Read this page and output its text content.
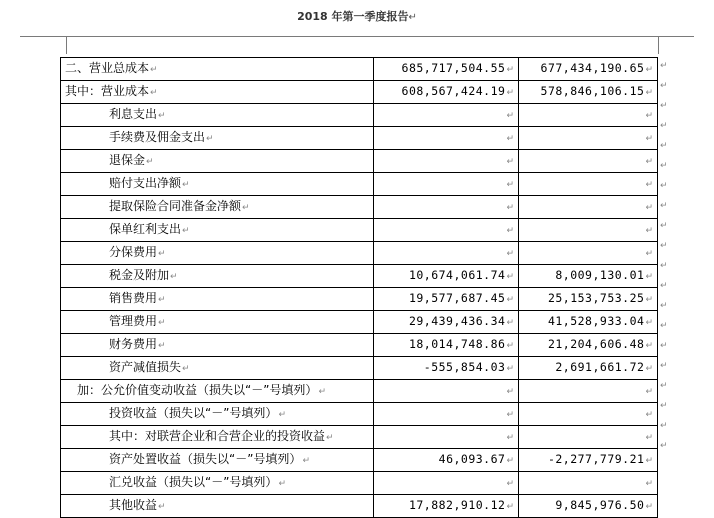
2018 年第一季度报告↵
二、营业总成本↵	685,717,504.55↵	677,434,190.65↵
其中：营业成本↵	608,567,424.19↵	578,846,106.15↵
利息支出↵	↵	↵
手续费及佣金支出↵	↵	↵
退保金↵	↵	↵
赔付支出净额↵	↵	↵
提取保险合同准备金净额↵	↵	↵
保单红利支出↵	↵	↵
分保费用↵	↵	↵
税金及附加↵	10,674,061.74↵	8,009,130.01↵
销售费用↵	19,577,687.45↵	25,153,753.25↵
管理费用↵	29,439,436.34↵	41,528,933.04↵
财务费用↵	18,014,748.86↵	21,204,606.48↵
资产减值损失↵	-555,854.03↵	2,691,661.72↵
加：公允价值变动收益（损失以“－”号填列）↵	↵	↵
投资收益（损失以“－”号填列）↵	↵	↵
其中：对联营企业和合营企业的投资收益↵	↵	↵
资产处置收益（损失以“－”号填列）↵	46,093.67↵	-2,277,779.21↵
汇兑收益（损失以“－”号填列）↵	↵	↵
其他收益↵	17,882,910.12↵	9,845,976.50↵
↵
↵
↵
↵
↵
↵
↵
↵
↵
↵
↵
↵
↵
↵
↵
↵
↵
↵
↵
↵
